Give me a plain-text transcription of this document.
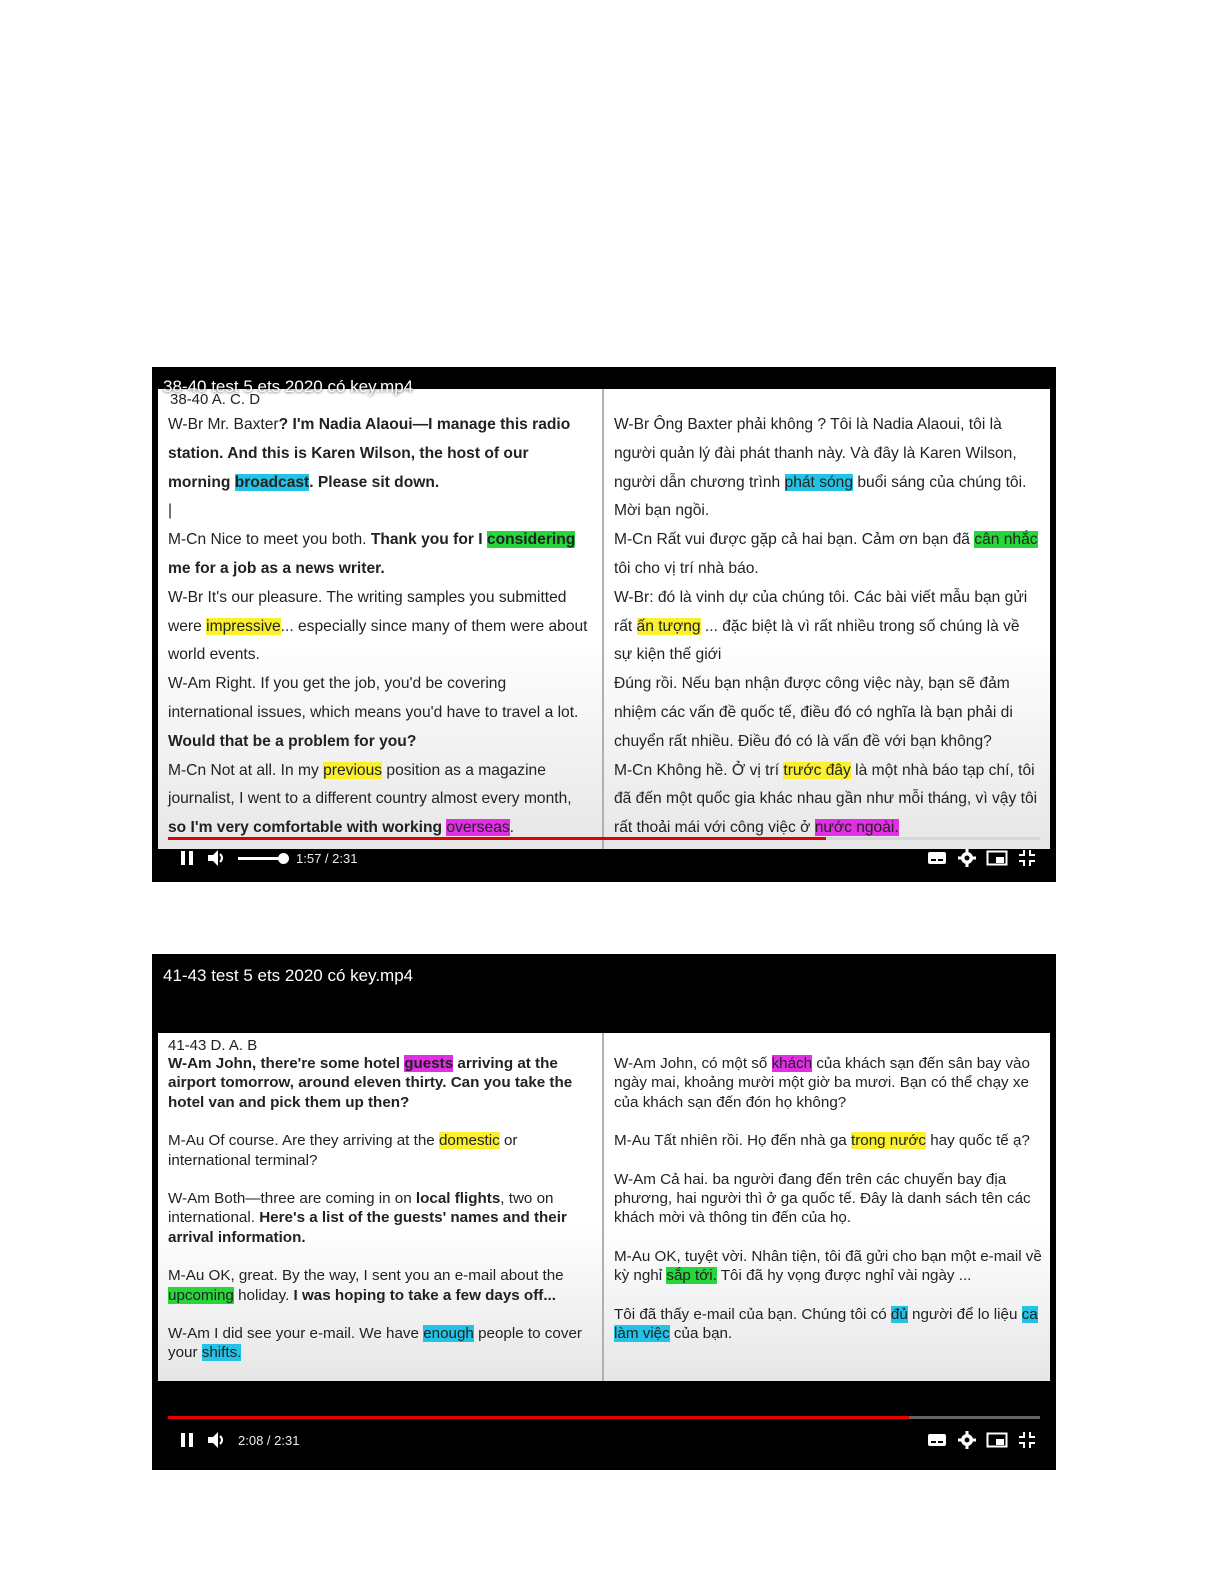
38-40 test 5 ets 2020 có key.mp4
38-40 A. C. D

W-Br Mr. Baxter? I'm Nadia Alaoui—I manage this radio station. And this is Karen Wilson, the host of our morning broadcast. Please sit down.

|

M-Cn Nice to meet you both. Thank you for I considering me for a job as a news writer.

W-Br It's our pleasure. The writing samples you submitted were impressive... especially since many of them were about world events.

W-Am Right. If you get the job, you'd be covering international issues, which means you'd have to travel a lot. Would that be a problem for you?

M-Cn Not at all. In my previous position as a magazine journalist, I went to a different country almost every month, so I'm very comfortable with working overseas.

W-Br Ông Baxter phải không ? Tôi là Nadia Alaoui, tôi là người quản lý đài phát thanh này. Và đây là Karen Wilson, người dẫn chương trình phát sóng buổi sáng của chúng tôi. Mời bạn ngồi.

M-Cn Rất vui được gặp cả hai bạn. Cảm ơn bạn đã cân nhắc tôi cho vị trí nhà báo.

W-Br: đó là vinh dự của chúng tôi. Các bài viết mẫu bạn gửi rất ấn tượng ... đặc biệt là vì rất nhiều trong số chúng là về sự kiện thế giới

Đúng rồi. Nếu bạn nhận được công việc này, bạn sẽ đảm nhiệm các vấn đề quốc tế, điều đó có nghĩa là bạn phải di chuyển rất nhiều. Điều đó có là vấn đề với bạn không?

M-Cn Không hề. Ở vị trí trước đây là một nhà báo tạp chí, tôi đã đến một quốc gia khác nhau gần như mỗi tháng, vì vậy tôi rất thoải mái với công việc ở nước ngoài.

1:57 / 2:31
41-43 test 5 ets 2020 có key.mp4
41-43 D. A. B

W-Am John, there're some hotel guests arriving at the airport tomorrow, around eleven thirty. Can you take the hotel van and pick them up then?

M-Au Of course. Are they arriving at the domestic or international terminal?

W-Am Both—three are coming in on local flights, two on international. Here's a list of the guests' names and their arrival information.

M-Au OK, great. By the way, I sent you an e-mail about the upcoming holiday. I was hoping to take a few days off...

W-Am I did see your e-mail. We have enough people to cover your shifts.

W-Am John, có một số khách của khách sạn đến sân bay vào ngày mai, khoảng mười một giờ ba mươi. Bạn có thể chạy xe của khách sạn đến đón họ không?

M-Au Tất nhiên rồi. Họ đến nhà ga trong nước hay quốc tế ạ?

W-Am Cả hai. ba người đang đến trên các chuyến bay địa phương, hai người thì ở ga quốc tế. Đây là danh sách tên các khách mời và thông tin đến của họ.

M-Au OK, tuyệt vời. Nhân tiện, tôi đã gửi cho bạn một e-mail về kỳ nghỉ sắp tới. Tôi đã hy vọng được nghỉ vài ngày ...

Tôi đã thấy e-mail của bạn. Chúng tôi có đủ người để lo liệu ca làm việc của bạn.

2:08 / 2:31
